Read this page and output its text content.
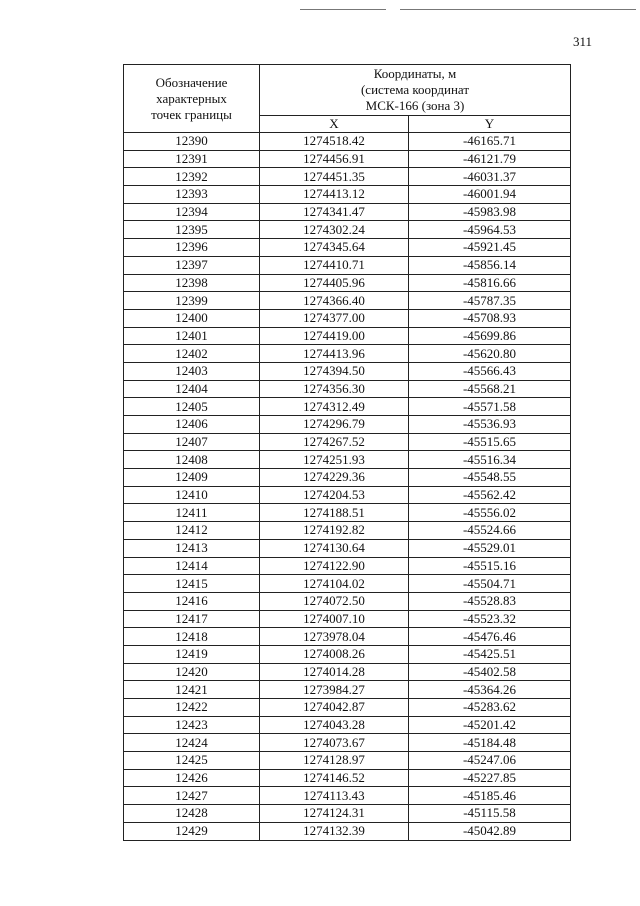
311
Обозначение
характерных
точек границы	Координаты, м
(система координат
МСК-166 (зона 3)	
	X	Y
12390	1274518.42	-46165.71
12391	1274456.91	-46121.79
12392	1274451.35	-46031.37
12393	1274413.12	-46001.94
12394	1274341.47	-45983.98
12395	1274302.24	-45964.53
12396	1274345.64	-45921.45
12397	1274410.71	-45856.14
12398	1274405.96	-45816.66
12399	1274366.40	-45787.35
12400	1274377.00	-45708.93
12401	1274419.00	-45699.86
12402	1274413.96	-45620.80
12403	1274394.50	-45566.43
12404	1274356.30	-45568.21
12405	1274312.49	-45571.58
12406	1274296.79	-45536.93
12407	1274267.52	-45515.65
12408	1274251.93	-45516.34
12409	1274229.36	-45548.55
12410	1274204.53	-45562.42
12411	1274188.51	-45556.02
12412	1274192.82	-45524.66
12413	1274130.64	-45529.01
12414	1274122.90	-45515.16
12415	1274104.02	-45504.71
12416	1274072.50	-45528.83
12417	1274007.10	-45523.32
12418	1273978.04	-45476.46
12419	1274008.26	-45425.51
12420	1274014.28	-45402.58
12421	1273984.27	-45364.26
12422	1274042.87	-45283.62
12423	1274043.28	-45201.42
12424	1274073.67	-45184.48
12425	1274128.97	-45247.06
12426	1274146.52	-45227.85
12427	1274113.43	-45185.46
12428	1274124.31	-45115.58
12429	1274132.39	-45042.89
